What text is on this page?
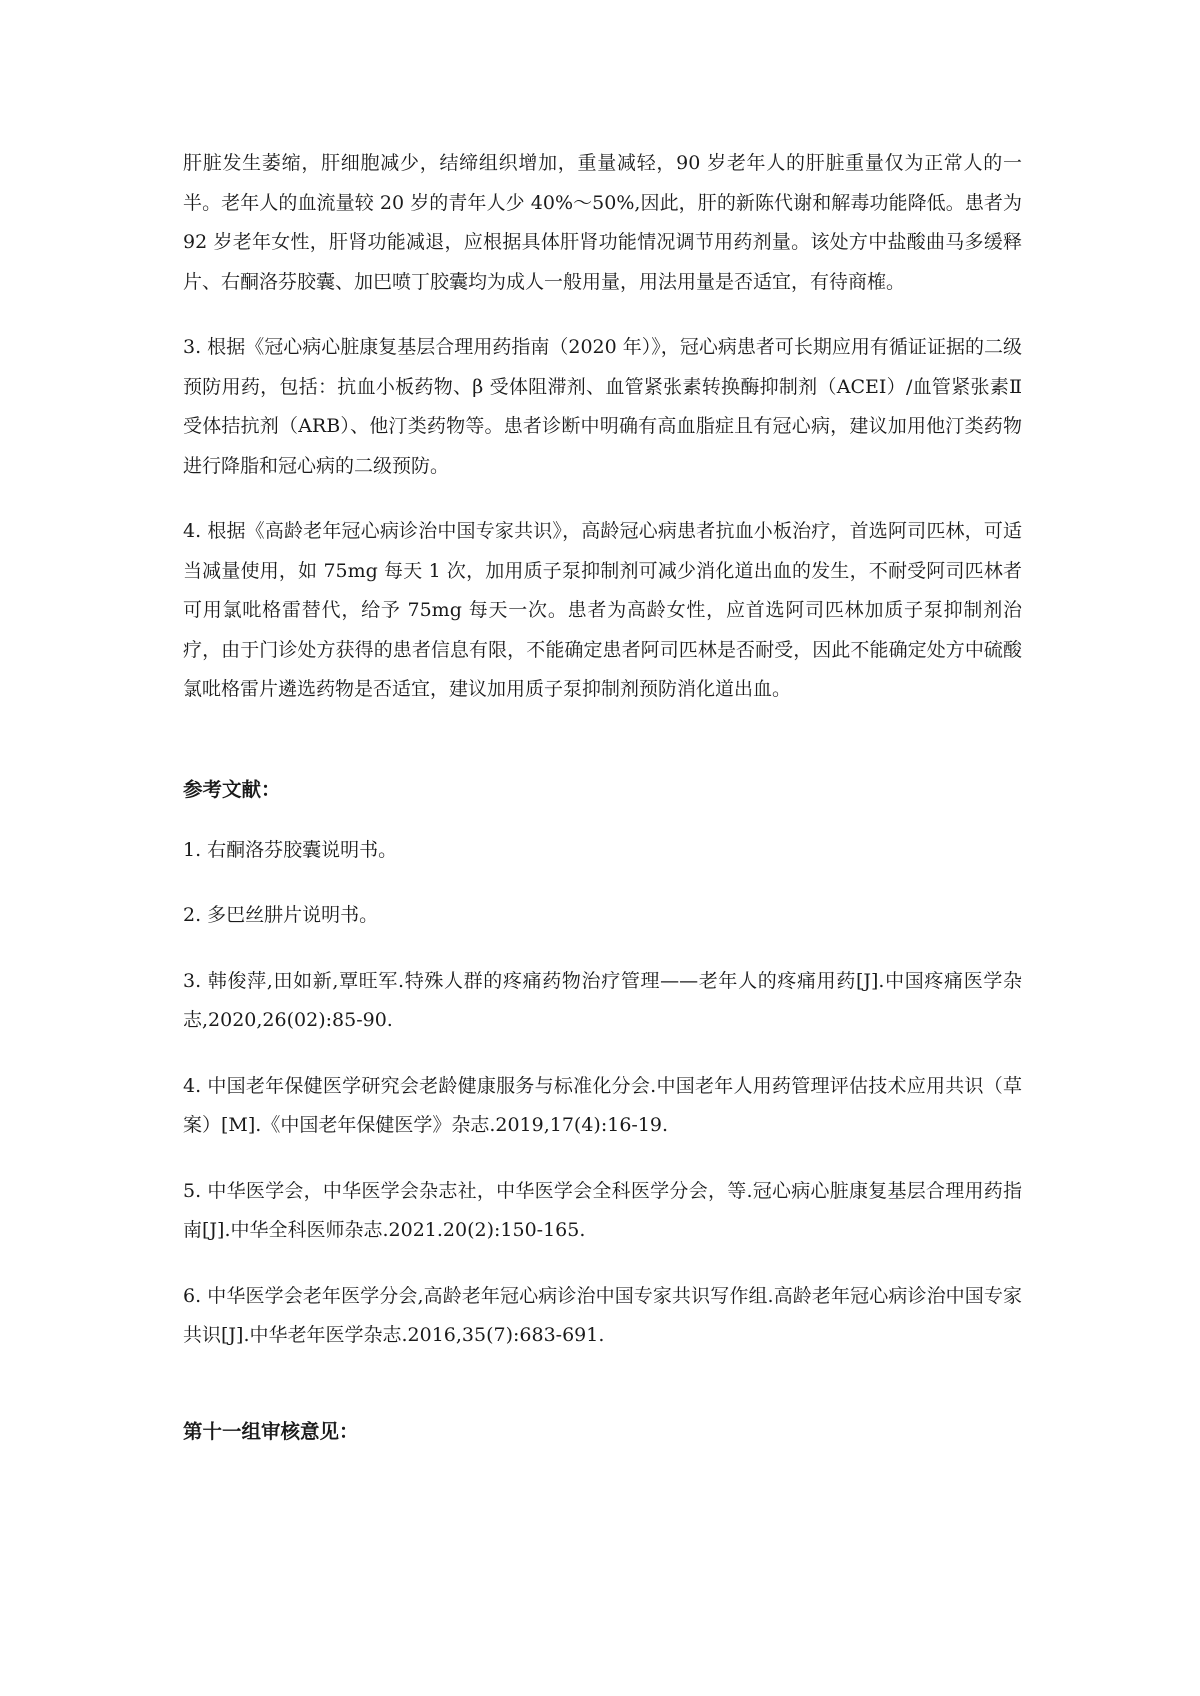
肝脏发生萎缩，肝细胞减少，结缔组织增加，重量减轻，90 岁老年人的肝脏重量仅为正常人的一半。老年人的血流量较 20 岁的青年人少 40%～50%,因此，肝的新陈代谢和解毒功能降低。患者为 92 岁老年女性，肝肾功能减退，应根据具体肝肾功能情况调节用药剂量。该处方中盐酸曲马多缓释片、右酮洛芬胶囊、加巴喷丁胶囊均为成人一般用量，用法用量是否适宜，有待商榷。

3. 根据《冠心病心脏康复基层合理用药指南（2020 年）》，冠心病患者可长期应用有循证证据的二级预防用药，包括：抗血小板药物、β 受体阻滞剂、血管紧张素转换酶抑制剂（ACEI）/血管紧张素Ⅱ受体拮抗剂（ARB）、他汀类药物等。患者诊断中明确有高血脂症且有冠心病，建议加用他汀类药物进行降脂和冠心病的二级预防。

4. 根据《高龄老年冠心病诊治中国专家共识》，高龄冠心病患者抗血小板治疗，首选阿司匹林，可适当减量使用，如 75mg 每天 1 次，加用质子泵抑制剂可减少消化道出血的发生，不耐受阿司匹林者可用氯吡格雷替代，给予 75mg 每天一次。患者为高龄女性，应首选阿司匹林加质子泵抑制剂治疗，由于门诊处方获得的患者信息有限，不能确定患者阿司匹林是否耐受，因此不能确定处方中硫酸氯吡格雷片遴选药物是否适宜，建议加用质子泵抑制剂预防消化道出血。

参考文献：

1. 右酮洛芬胶囊说明书。

2. 多巴丝肼片说明书。

3. 韩俊萍,田如新,覃旺军.特殊人群的疼痛药物治疗管理——老年人的疼痛用药[J].中国疼痛医学杂志,2020,26(02):85-90.

4. 中国老年保健医学研究会老龄健康服务与标准化分会.中国老年人用药管理评估技术应用共识（草案）[M].《中国老年保健医学》杂志.2019,17(4):16-19.

5. 中华医学会，中华医学会杂志社，中华医学会全科医学分会，等.冠心病心脏康复基层合理用药指南[J].中华全科医师杂志.2021.20(2):150-165.

6. 中华医学会老年医学分会,高龄老年冠心病诊治中国专家共识写作组.高龄老年冠心病诊治中国专家共识[J].中华老年医学杂志.2016,35(7):683-691.

第十一组审核意见：
